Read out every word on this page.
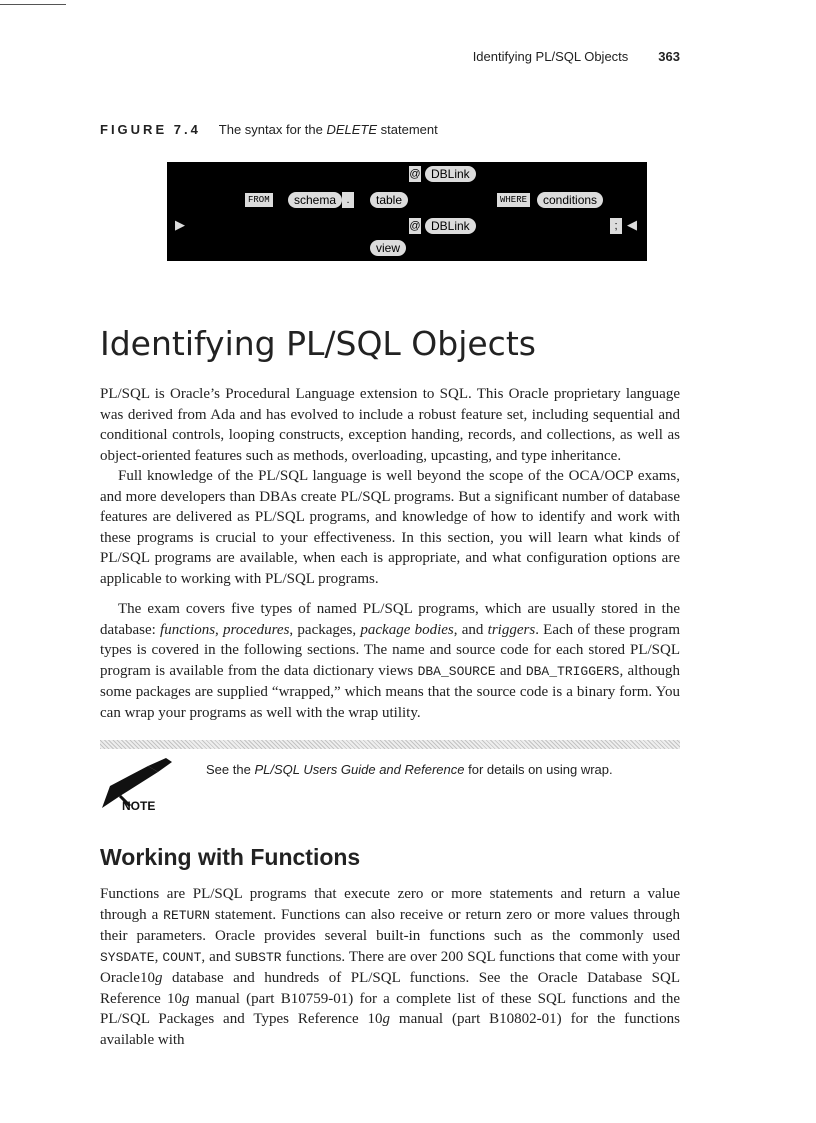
Identifying PL/SQL Objects 363
FIGURE 7.4 The syntax for the DELETE statement
▶	◀
@ DBLink
FROM	schema .	table	WHERE	conditions
@ DBLink	;
view
Identifying PL/SQL Objects

PL/SQL is Oracle’s Procedural Language extension to SQL. This Oracle proprietary language was derived from Ada and has evolved to include a robust feature set, including sequential and conditional controls, looping constructs, exception handing, records, and collections, as well as object-oriented features such as methods, overloading, upcasting, and type inheritance.

Full knowledge of the PL/SQL language is well beyond the scope of the OCA/OCP exams, and more developers than DBAs create PL/SQL programs. But a significant number of database features are delivered as PL/SQL programs, and knowledge of how to identify and work with these programs is crucial to your effectiveness. In this section, you will learn what kinds of PL/SQL programs are available, when each is appropriate, and what configuration options are applicable to working with PL/SQL programs.

The exam covers five types of named PL/SQL programs, which are usually stored in the database: functions, procedures, packages, package bodies, and triggers. Each of these program types is covered in the following sections. The name and source code for each stored PL/SQL program is available from the data dictionary views DBA_SOURCE and DBA_TRIGGERS, although some packages are supplied “wrapped,” which means that the source code is a binary form. You can wrap your programs as well with the wrap utility.

NOTE
See the PL/SQL Users Guide and Reference for details on using wrap.
Working with Functions

Functions are PL/SQL programs that execute zero or more statements and return a value through a RETURN statement. Functions can also receive or return zero or more values through their parameters. Oracle provides several built-in functions such as the commonly used SYSDATE, COUNT, and SUBSTR functions. There are over 200 SQL functions that come with your Oracle10g database and hundreds of PL/SQL functions. See the Oracle Database SQL Reference 10g manual (part B10759-01) for a complete list of these SQL functions and the PL/SQL Packages and Types Reference 10g manual (part B10802-01) for the functions available with
